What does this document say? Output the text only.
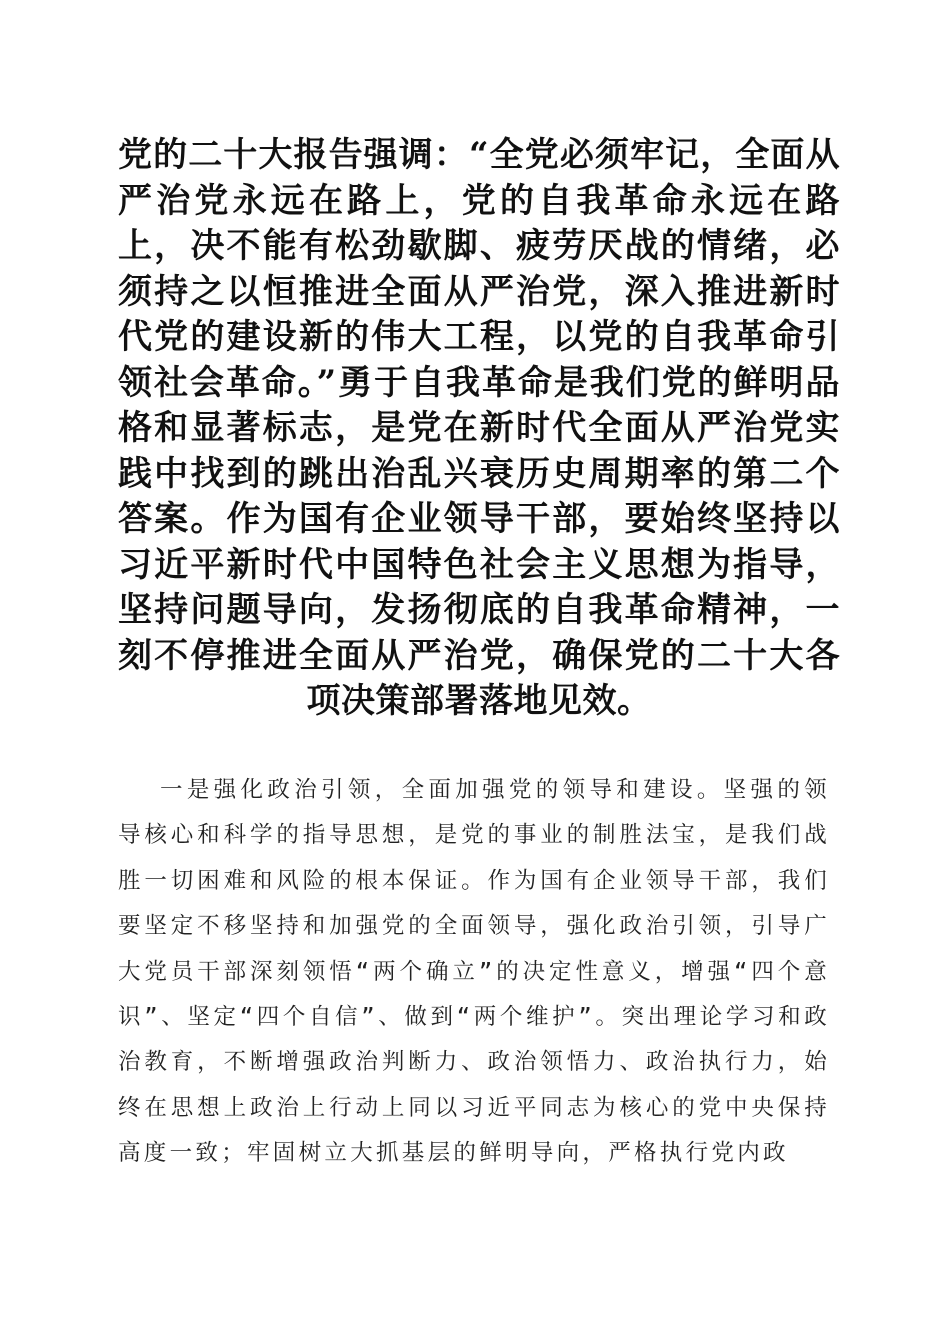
党的二十大报告强调：“全党必须牢记，全面从严治党永远在路上，党的自我革命永远在路上，决不能有松劲歇脚、疲劳厌战的情绪，必须持之以恒推进全面从严治党，深入推进新时代党的建设新的伟大工程，以党的自我革命引领社会革命。”勇于自我革命是我们党的鲜明品格和显著标志，是党在新时代全面从严治党实践中找到的跳出治乱兴衰历史周期率的第二个答案。作为国有企业领导干部，要始终坚持以习近平新时代中国特色社会主义思想为指导，坚持问题导向，发扬彻底的自我革命精神，一刻不停推进全面从严治党，确保党的二十大各项决策部署落地见效。

一是强化政治引领，全面加强党的领导和建设。坚强的领导核心和科学的指导思想，是党的事业的制胜法宝，是我们战胜一切困难和风险的根本保证。作为国有企业领导干部，我们要坚定不移坚持和加强党的全面领导，强化政治引领，引导广大党员干部深刻领悟“两个确立”的决定性意义，增强“四个意识”、坚定“四个自信”、做到“两个维护”。突出理论学习和政治教育，不断增强政治判断力、政治领悟力、政治执行力，始终在思想上政治上行动上同以习近平同志为核心的党中央保持高度一致；牢固树立大抓基层的鲜明导向，严格执行党内政
